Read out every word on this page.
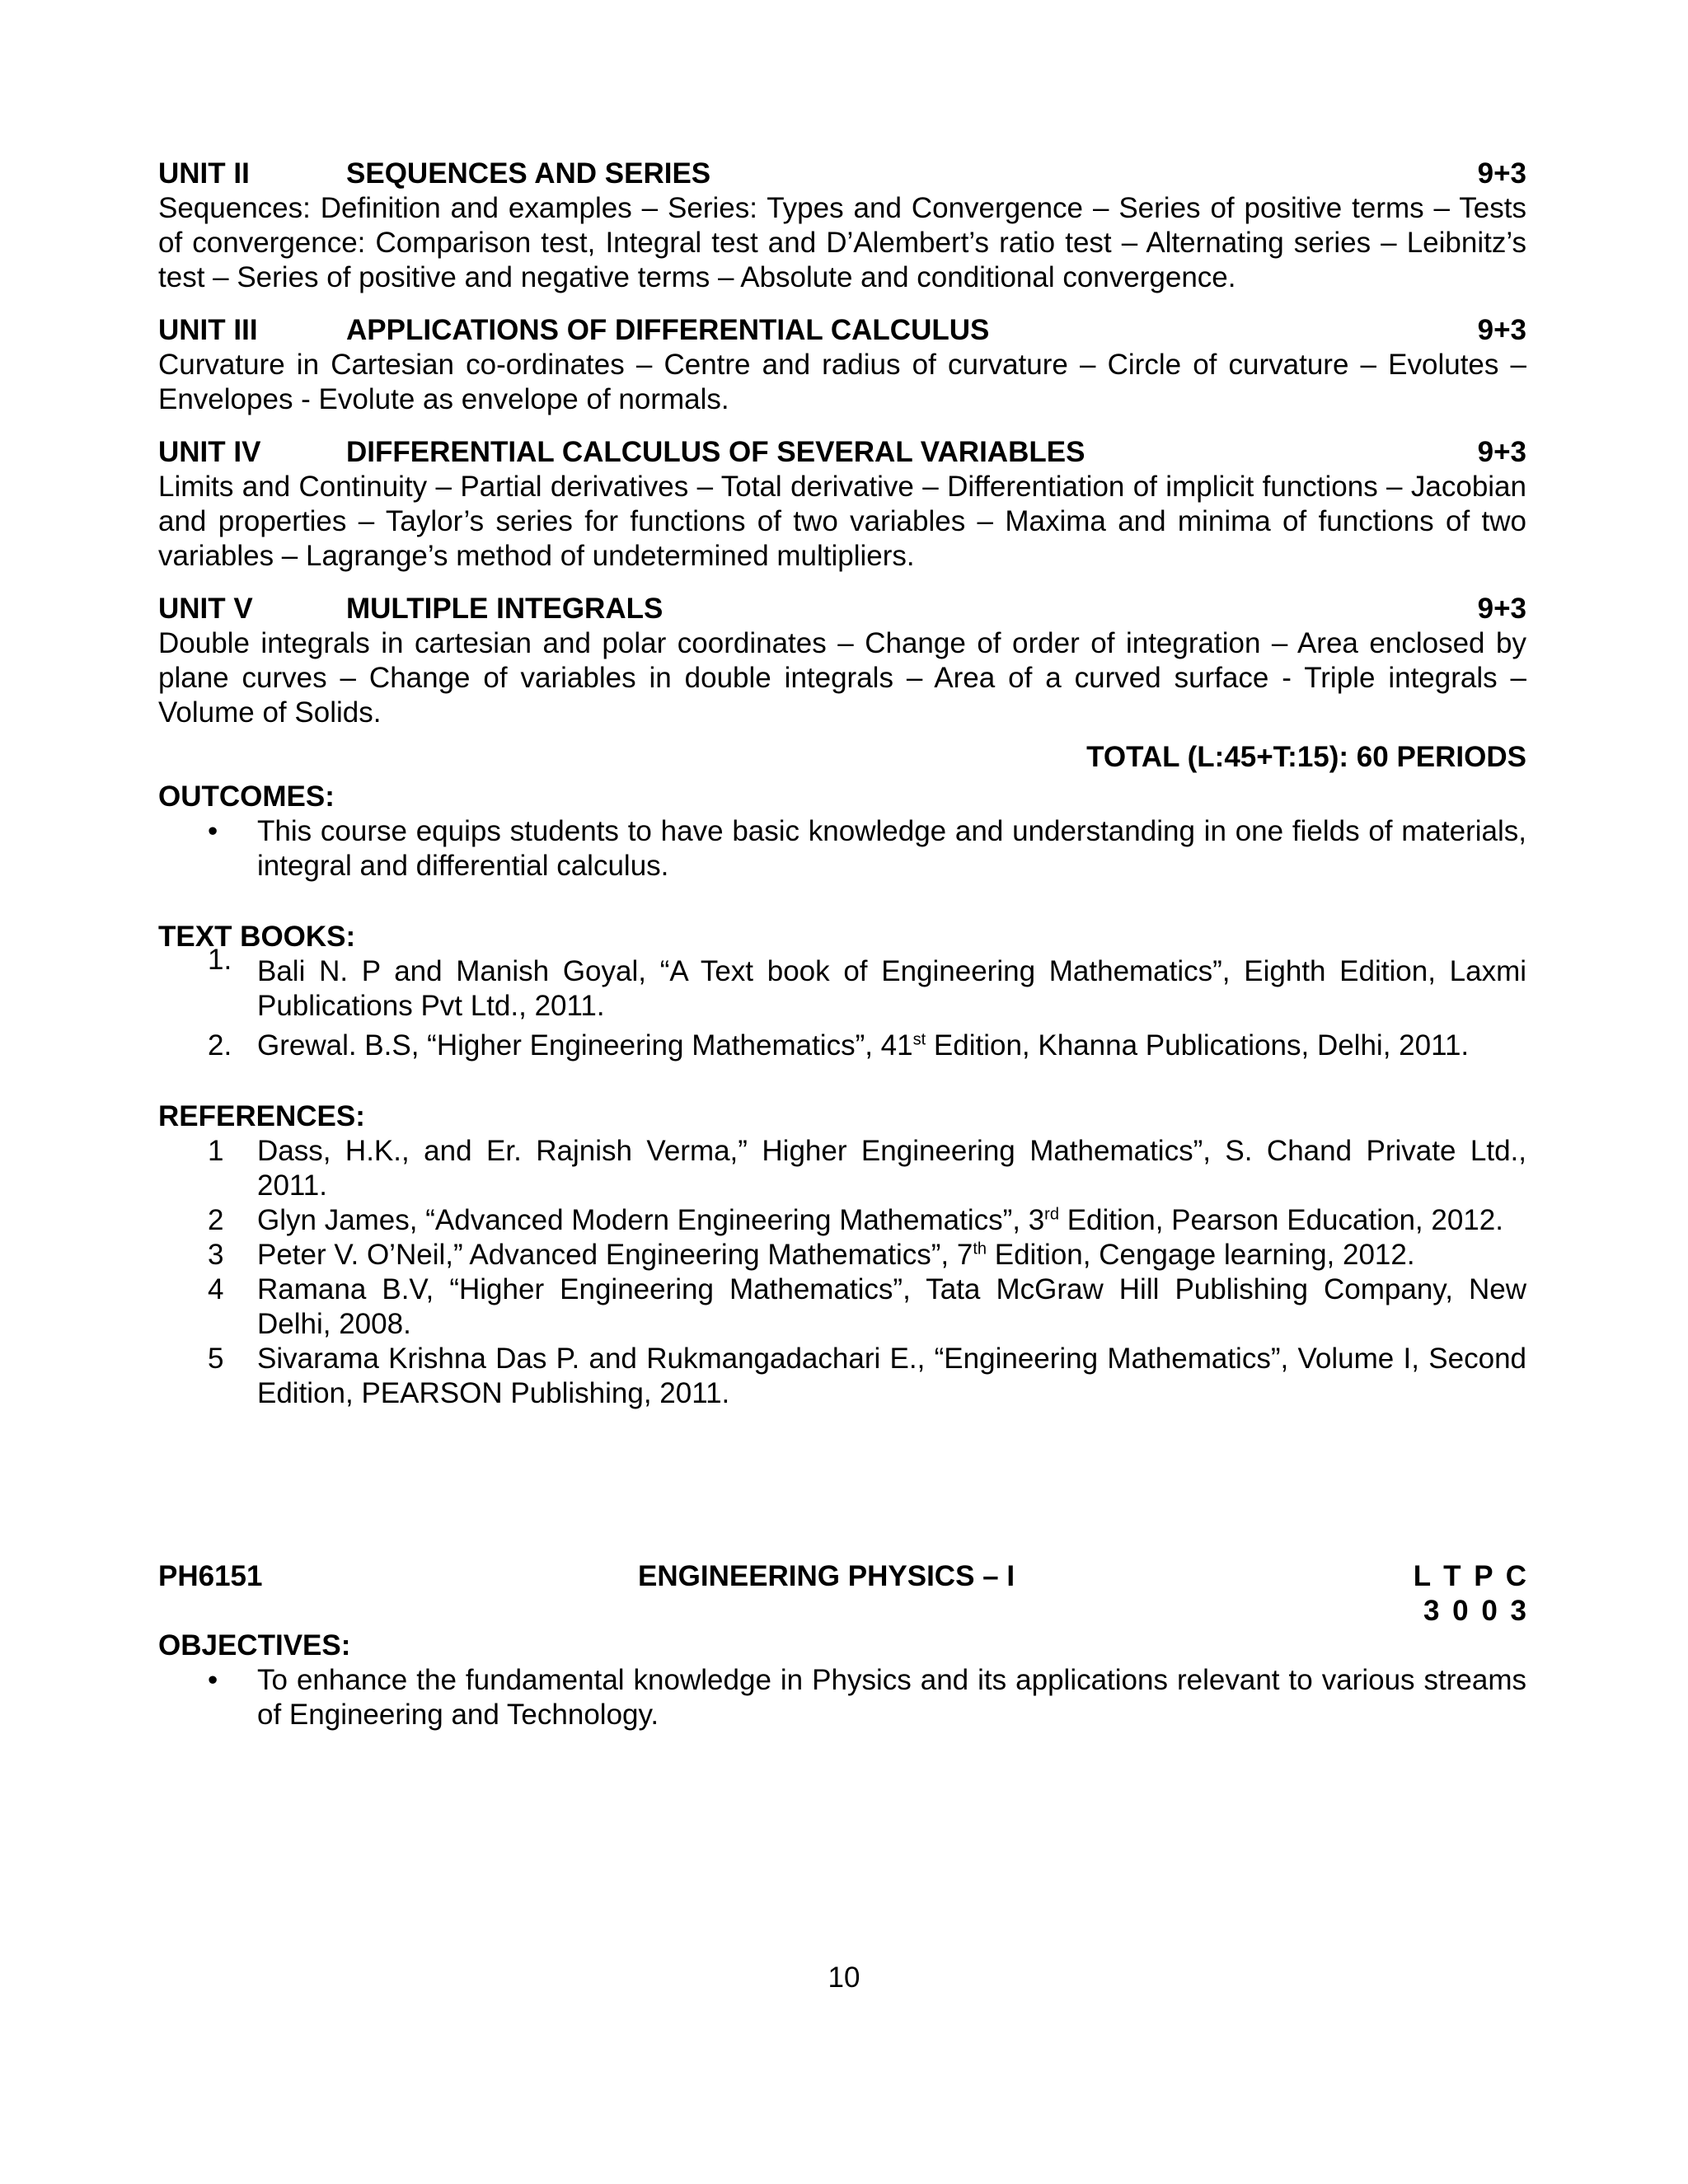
UNIT II	SEQUENCES AND SERIES	9+3
Sequences: Definition and examples – Series: Types and Convergence – Series of positive terms – Tests of convergence: Comparison test, Integral test and D’Alembert’s ratio test – Alternating series – Leibnitz’s test – Series of positive and negative terms – Absolute and conditional convergence.
UNIT III	APPLICATIONS OF DIFFERENTIAL CALCULUS	9+3
Curvature in Cartesian co-ordinates – Centre and radius of curvature – Circle of curvature – Evolutes – Envelopes - Evolute as envelope of normals.
UNIT IV	DIFFERENTIAL CALCULUS OF SEVERAL VARIABLES	9+3
Limits and Continuity – Partial derivatives – Total derivative – Differentiation of implicit functions – Jacobian and properties – Taylor’s series for functions of two variables – Maxima and minima of functions of two variables – Lagrange’s method of undetermined multipliers.
UNIT V	MULTIPLE INTEGRALS	9+3
Double integrals in cartesian and polar coordinates – Change of order of integration – Area enclosed by plane curves – Change of variables in double integrals – Area of a curved surface - Triple integrals – Volume of Solids.
TOTAL (L:45+T:15): 60 PERIODS
OUTCOMES:
• This course equips students to have basic knowledge and understanding in one fields of materials, integral and differential calculus.
TEXT BOOKS:
1. Bali N. P and Manish Goyal, “A Text book of Engineering Mathematics”, Eighth Edition, Laxmi Publications Pvt Ltd., 2011.
2. Grewal. B.S, “Higher Engineering Mathematics”, 41st Edition, Khanna Publications, Delhi, 2011.
REFERENCES:
1 Dass, H.K., and Er. Rajnish Verma,” Higher Engineering Mathematics”, S. Chand Private Ltd., 2011.
2 Glyn James, “Advanced Modern Engineering Mathematics”, 3rd Edition, Pearson Education, 2012.
3 Peter V. O’Neil,” Advanced Engineering Mathematics”, 7th Edition, Cengage learning, 2012.
4 Ramana B.V, “Higher Engineering Mathematics”, Tata McGraw Hill Publishing Company, New Delhi, 2008.
5 Sivarama Krishna Das P. and Rukmangadachari E., “Engineering Mathematics”, Volume I, Second Edition, PEARSON Publishing, 2011.
PH6151	ENGINEERING PHYSICS – I	L T P C
3 0 0 3
OBJECTIVES:
• To enhance the fundamental knowledge in Physics and its applications relevant to various streams of Engineering and Technology.
10
